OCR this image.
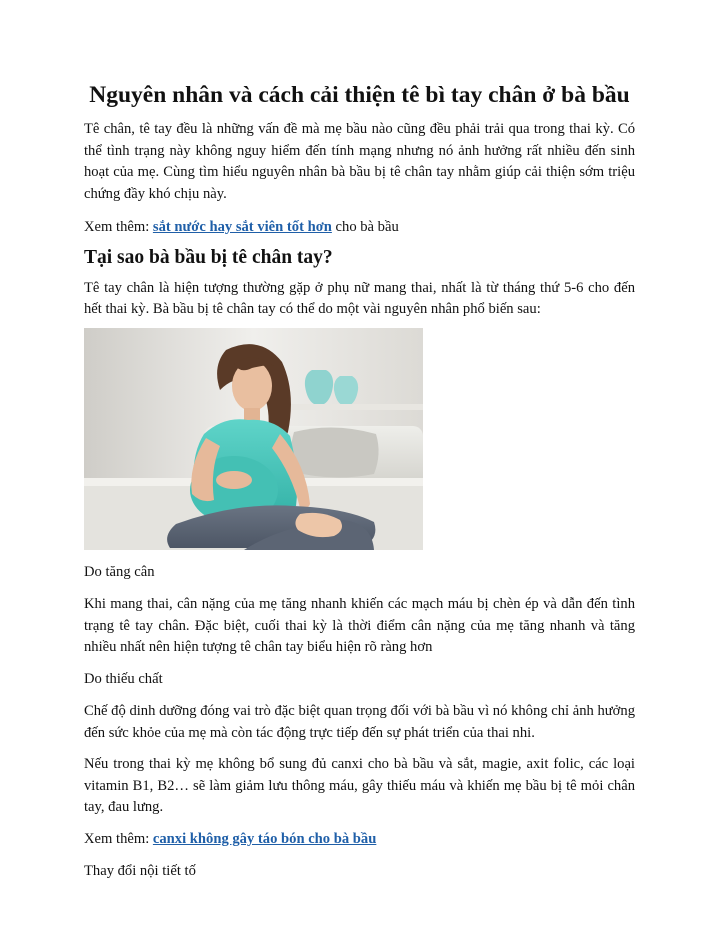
Nguyên nhân và cách cải thiện tê bì tay chân ở bà bầu

Tê chân, tê tay đều là những vấn đề mà mẹ bầu nào cũng đều phải trải qua trong thai kỳ. Có thể tình trạng này không nguy hiểm đến tính mạng nhưng nó ảnh hưởng rất nhiều đến sinh hoạt của mẹ. Cùng tìm hiểu nguyên nhân bà bầu bị tê chân tay nhằm giúp cải thiện sớm triệu chứng đầy khó chịu này.

Xem thêm: sắt nước hay sắt viên tốt hơn cho bà bầu

Tại sao bà bầu bị tê chân tay?

Tê tay chân là hiện tượng thường gặp ở phụ nữ mang thai, nhất là từ tháng thứ 5-6 cho đến hết thai kỳ. Bà bầu bị tê chân tay có thể do một vài nguyên nhân phổ biến sau:

Do tăng cân

Khi mang thai, cân nặng của mẹ tăng nhanh khiến các mạch máu bị chèn ép và dẫn đến tình trạng tê tay chân. Đặc biệt, cuối thai kỳ là thời điểm cân nặng của mẹ tăng nhanh và tăng nhiều nhất nên hiện tượng tê chân tay biểu hiện rõ ràng hơn

Do thiếu chất

Chế độ dinh dưỡng đóng vai trò đặc biệt quan trọng đối với bà bầu vì nó không chỉ ảnh hưởng đến sức khỏe của mẹ mà còn tác động trực tiếp đến sự phát triển của thai nhi.

Nếu trong thai kỳ mẹ không bổ sung đủ canxi cho bà bầu và sắt, magie, axit folic, các loại vitamin B1, B2… sẽ làm giảm lưu thông máu, gây thiếu máu và khiến mẹ bầu bị tê mỏi chân tay, đau lưng.

Xem thêm: canxi không gây táo bón cho bà bầu

Thay đổi nội tiết tố
